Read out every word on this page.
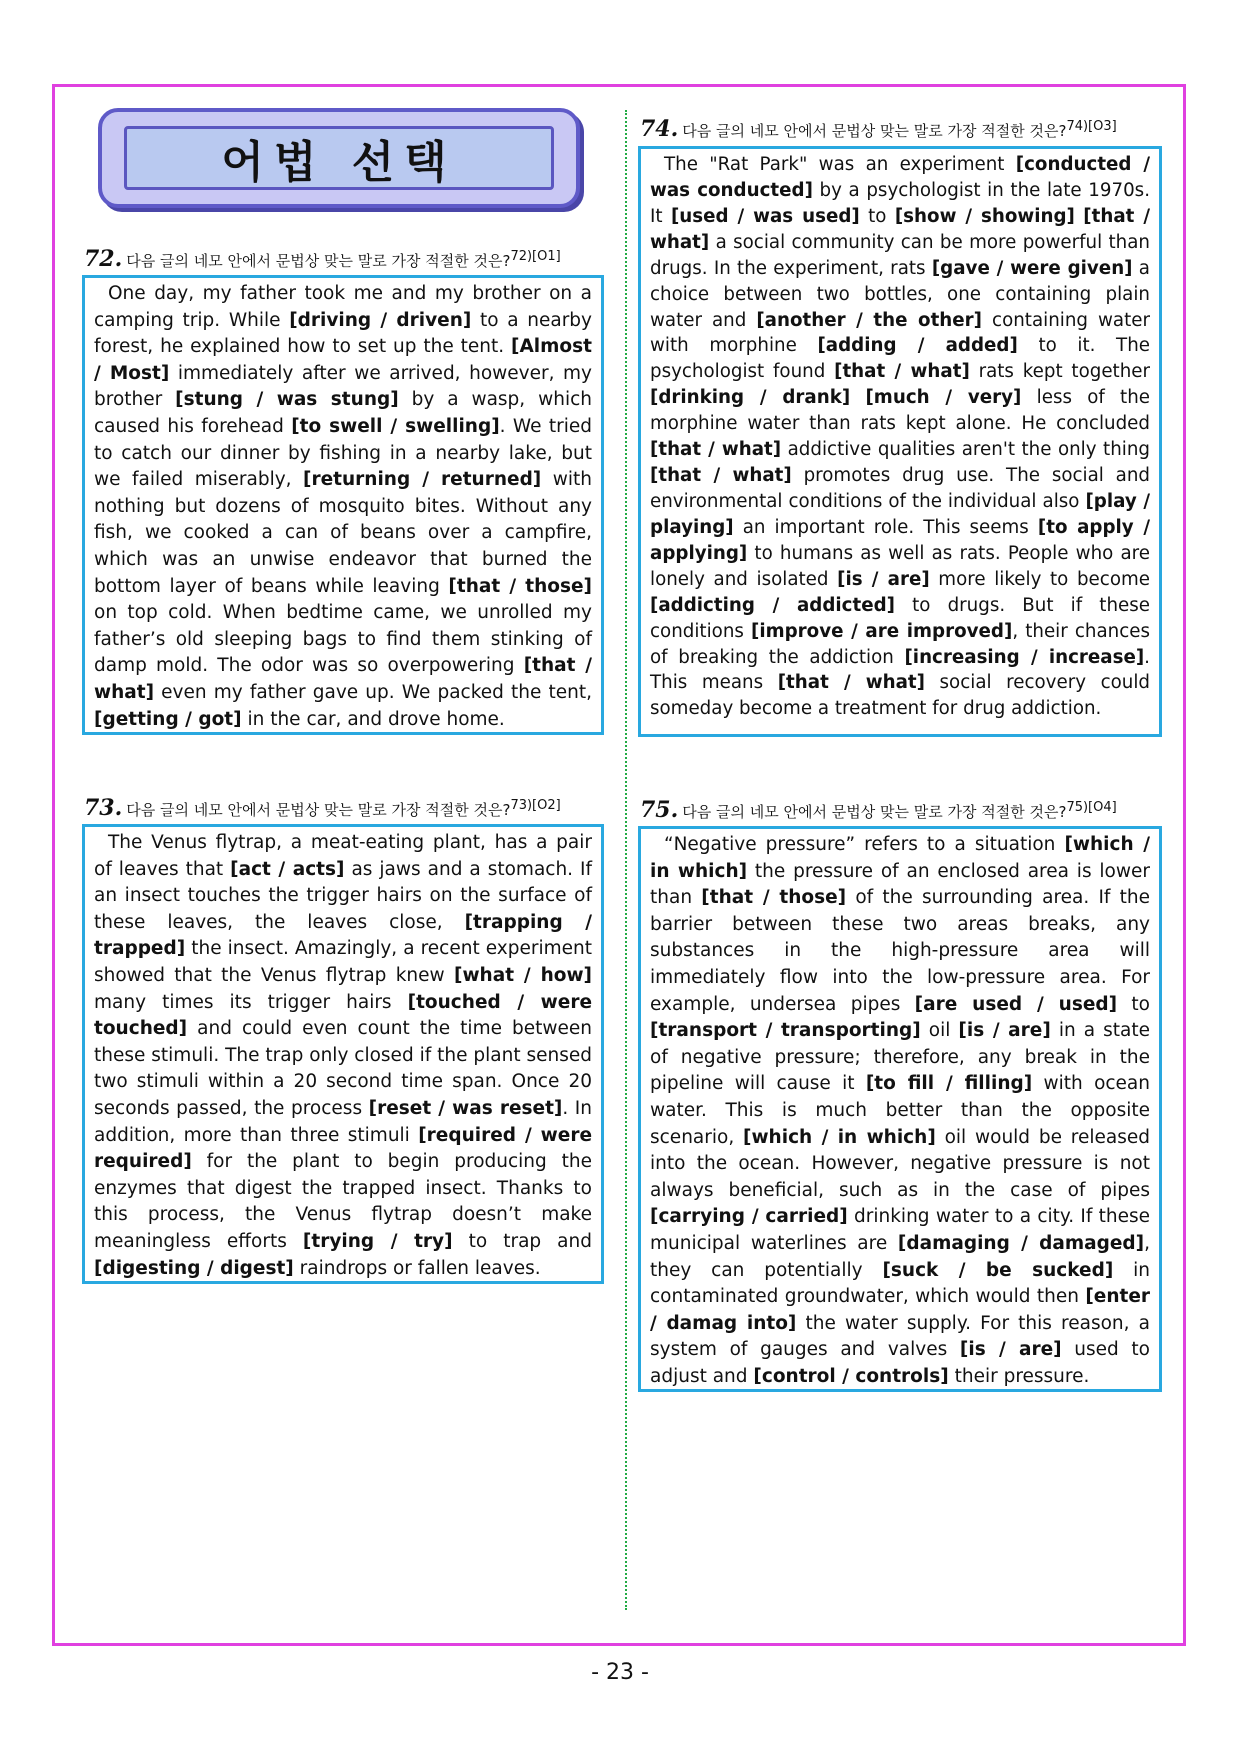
어법 선택
72. 다음 글의 네모 안에서 문법상 맞는 말로 가장 적절한 것은?$^{72)[O1]}$
One day, my father took me and my brother on a camping trip. While [driving / driven] to a nearby forest, he explained how to set up the tent. [Almost / Most] immediately after we arrived, however, my brother [stung / was stung] by a wasp, which caused his forehead [to swell / swelling]. We tried to catch our dinner by fishing in a nearby lake, but we failed miserably, [returning / returned] with nothing but dozens of mosquito bites. Without any fish, we cooked a can of beans over a campfire, which was an unwise endeavor that burned the bottom layer of beans while leaving [that / those] on top cold. When bedtime came, we unrolled my father’s old sleeping bags to find them stinking of damp mold. The odor was so overpowering [that / what] even my father gave up. We packed the tent, [getting / got] in the car, and drove home.
73. 다음 글의 네모 안에서 문법상 맞는 말로 가장 적절한 것은?$^{73)[O2]}$
The Venus flytrap, a meat-eating plant, has a pair of leaves that [act / acts] as jaws and a stomach. If an insect touches the trigger hairs on the surface of these leaves, the leaves close, [trapping / trapped] the insect. Amazingly, a recent experiment showed that the Venus flytrap knew [what / how] many times its trigger hairs [touched / were touched] and could even count the time between these stimuli. The trap only closed if the plant sensed two stimuli within a 20 second time span. Once 20 seconds passed, the process [reset / was reset]. In addition, more than three stimuli [required / were required] for the plant to begin producing the enzymes that digest the trapped insect. Thanks to this process, the Venus flytrap doesn’t make meaningless efforts [trying / try] to trap and [digesting / digest] raindrops or fallen leaves.
74. 다음 글의 네모 안에서 문법상 맞는 말로 가장 적절한 것은?$^{74)[O3]}$
The "Rat Park" was an experiment [conducted / was conducted] by a psychologist in the late 1970s. It [used / was used] to [show / showing] [that / what] a social community can be more powerful than drugs. In the experiment, rats [gave / were given] a choice between two bottles, one containing plain water and [another / the other] containing water with morphine [adding / added] to it. The psychologist found [that / what] rats kept together [drinking / drank] [much / very] less of the morphine water than rats kept alone. He concluded [that / what] addictive qualities aren't the only thing [that / what] promotes drug use. The social and environmental conditions of the individual also [play / playing] an important role. This seems [to apply / applying] to humans as well as rats. People who are lonely and isolated [is / are] more likely to become [addicting / addicted] to drugs. But if these conditions [improve / are improved], their chances of breaking the addiction [increasing / increase]. This means [that / what] social recovery could someday become a treatment for drug addiction.
75. 다음 글의 네모 안에서 문법상 맞는 말로 가장 적절한 것은?$^{75)[O4]}$
“Negative pressure” refers to a situation [which / in which] the pressure of an enclosed area is lower than [that / those] of the surrounding area. If the barrier between these two areas breaks, any substances in the high-pressure area will immediately flow into the low-pressure area. For example, undersea pipes [are used / used] to [transport / transporting] oil [is / are] in a state of negative pressure; therefore, any break in the pipeline will cause it [to fill / filling] with ocean water. This is much better than the opposite scenario, [which / in which] oil would be released into the ocean. However, negative pressure is not always beneficial, such as in the case of pipes [carrying / carried] drinking water to a city. If these municipal waterlines are [damaging / damaged], they can potentially [suck / be sucked] in contaminated groundwater, which would then [enter / damag into] the water supply. For this reason, a system of gauges and valves [is / are] used to adjust and [control / controls] their pressure.
- 23 -
